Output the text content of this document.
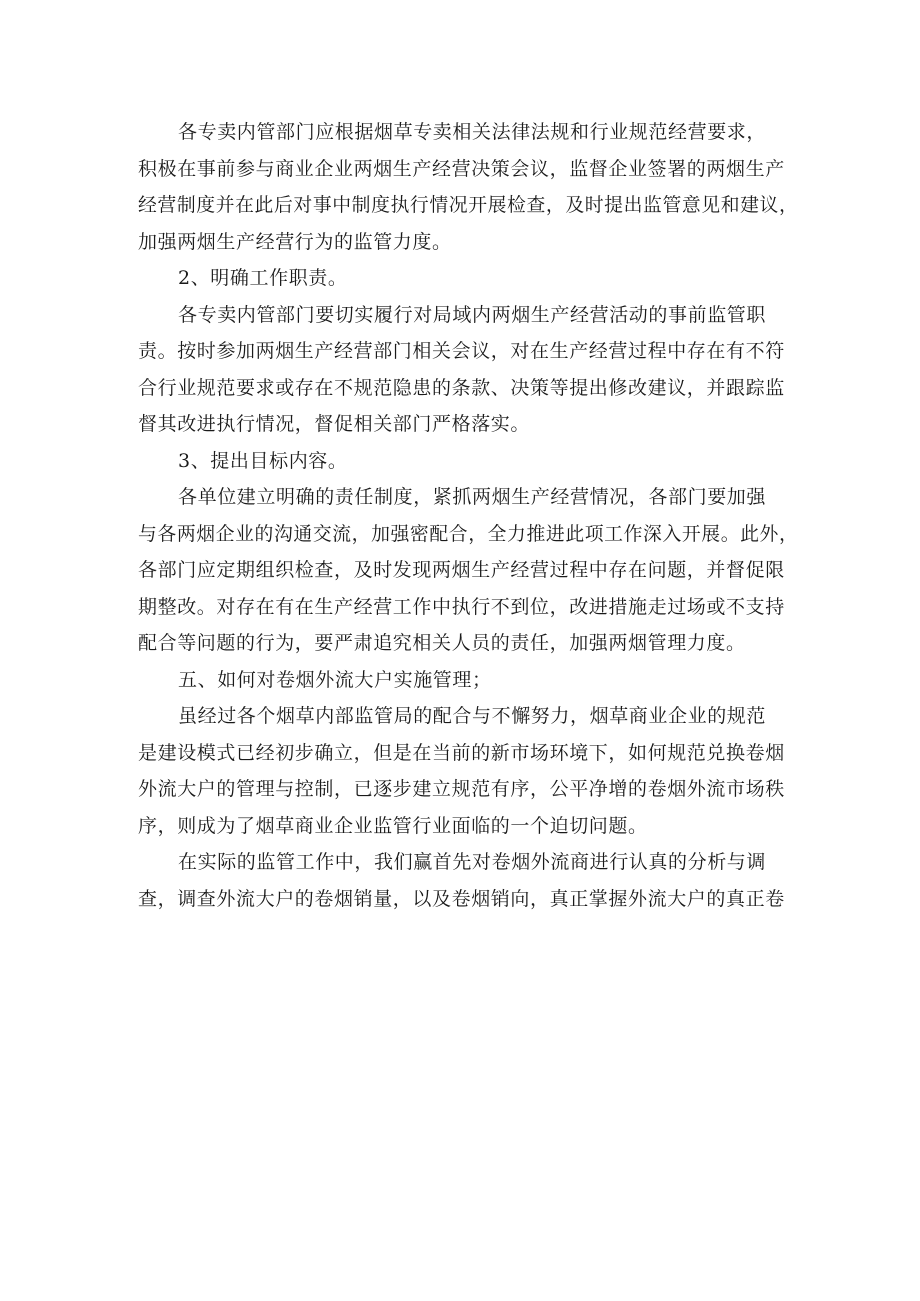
各专卖内管部门应根据烟草专卖相关法律法规和行业规范经营要求，
积极在事前参与商业企业两烟生产经营决策会议，监督企业签署的两烟生产
经营制度并在此后对事中制度执行情况开展检查，及时提出监管意见和建议，
加强两烟生产经营行为的监管力度。

2、明确工作职责。

各专卖内管部门要切实履行对局域内两烟生产经营活动的事前监管职
责。按时参加两烟生产经营部门相关会议，对在生产经营过程中存在有不符
合行业规范要求或存在不规范隐患的条款、决策等提出修改建议，并跟踪监
督其改进执行情况，督促相关部门严格落实。

3、提出目标内容。

各单位建立明确的责任制度，紧抓两烟生产经营情况，各部门要加强
与各两烟企业的沟通交流，加强密配合，全力推进此项工作深入开展。此外，
各部门应定期组织检查，及时发现两烟生产经营过程中存在问题，并督促限
期整改。对存在有在生产经营工作中执行不到位，改进措施走过场或不支持
配合等问题的行为，要严肃追究相关人员的责任，加强两烟管理力度。

五、如何对卷烟外流大户实施管理；

虽经过各个烟草内部监管局的配合与不懈努力，烟草商业企业的规范
是建设模式已经初步确立，但是在当前的新市场环境下，如何规范兑换卷烟
外流大户的管理与控制，已逐步建立规范有序，公平净增的卷烟外流市场秩
序，则成为了烟草商业企业监管行业面临的一个迫切问题。

在实际的监管工作中，我们赢首先对卷烟外流商进行认真的分析与调
查，调查外流大户的卷烟销量，以及卷烟销向，真正掌握外流大户的真正卷
